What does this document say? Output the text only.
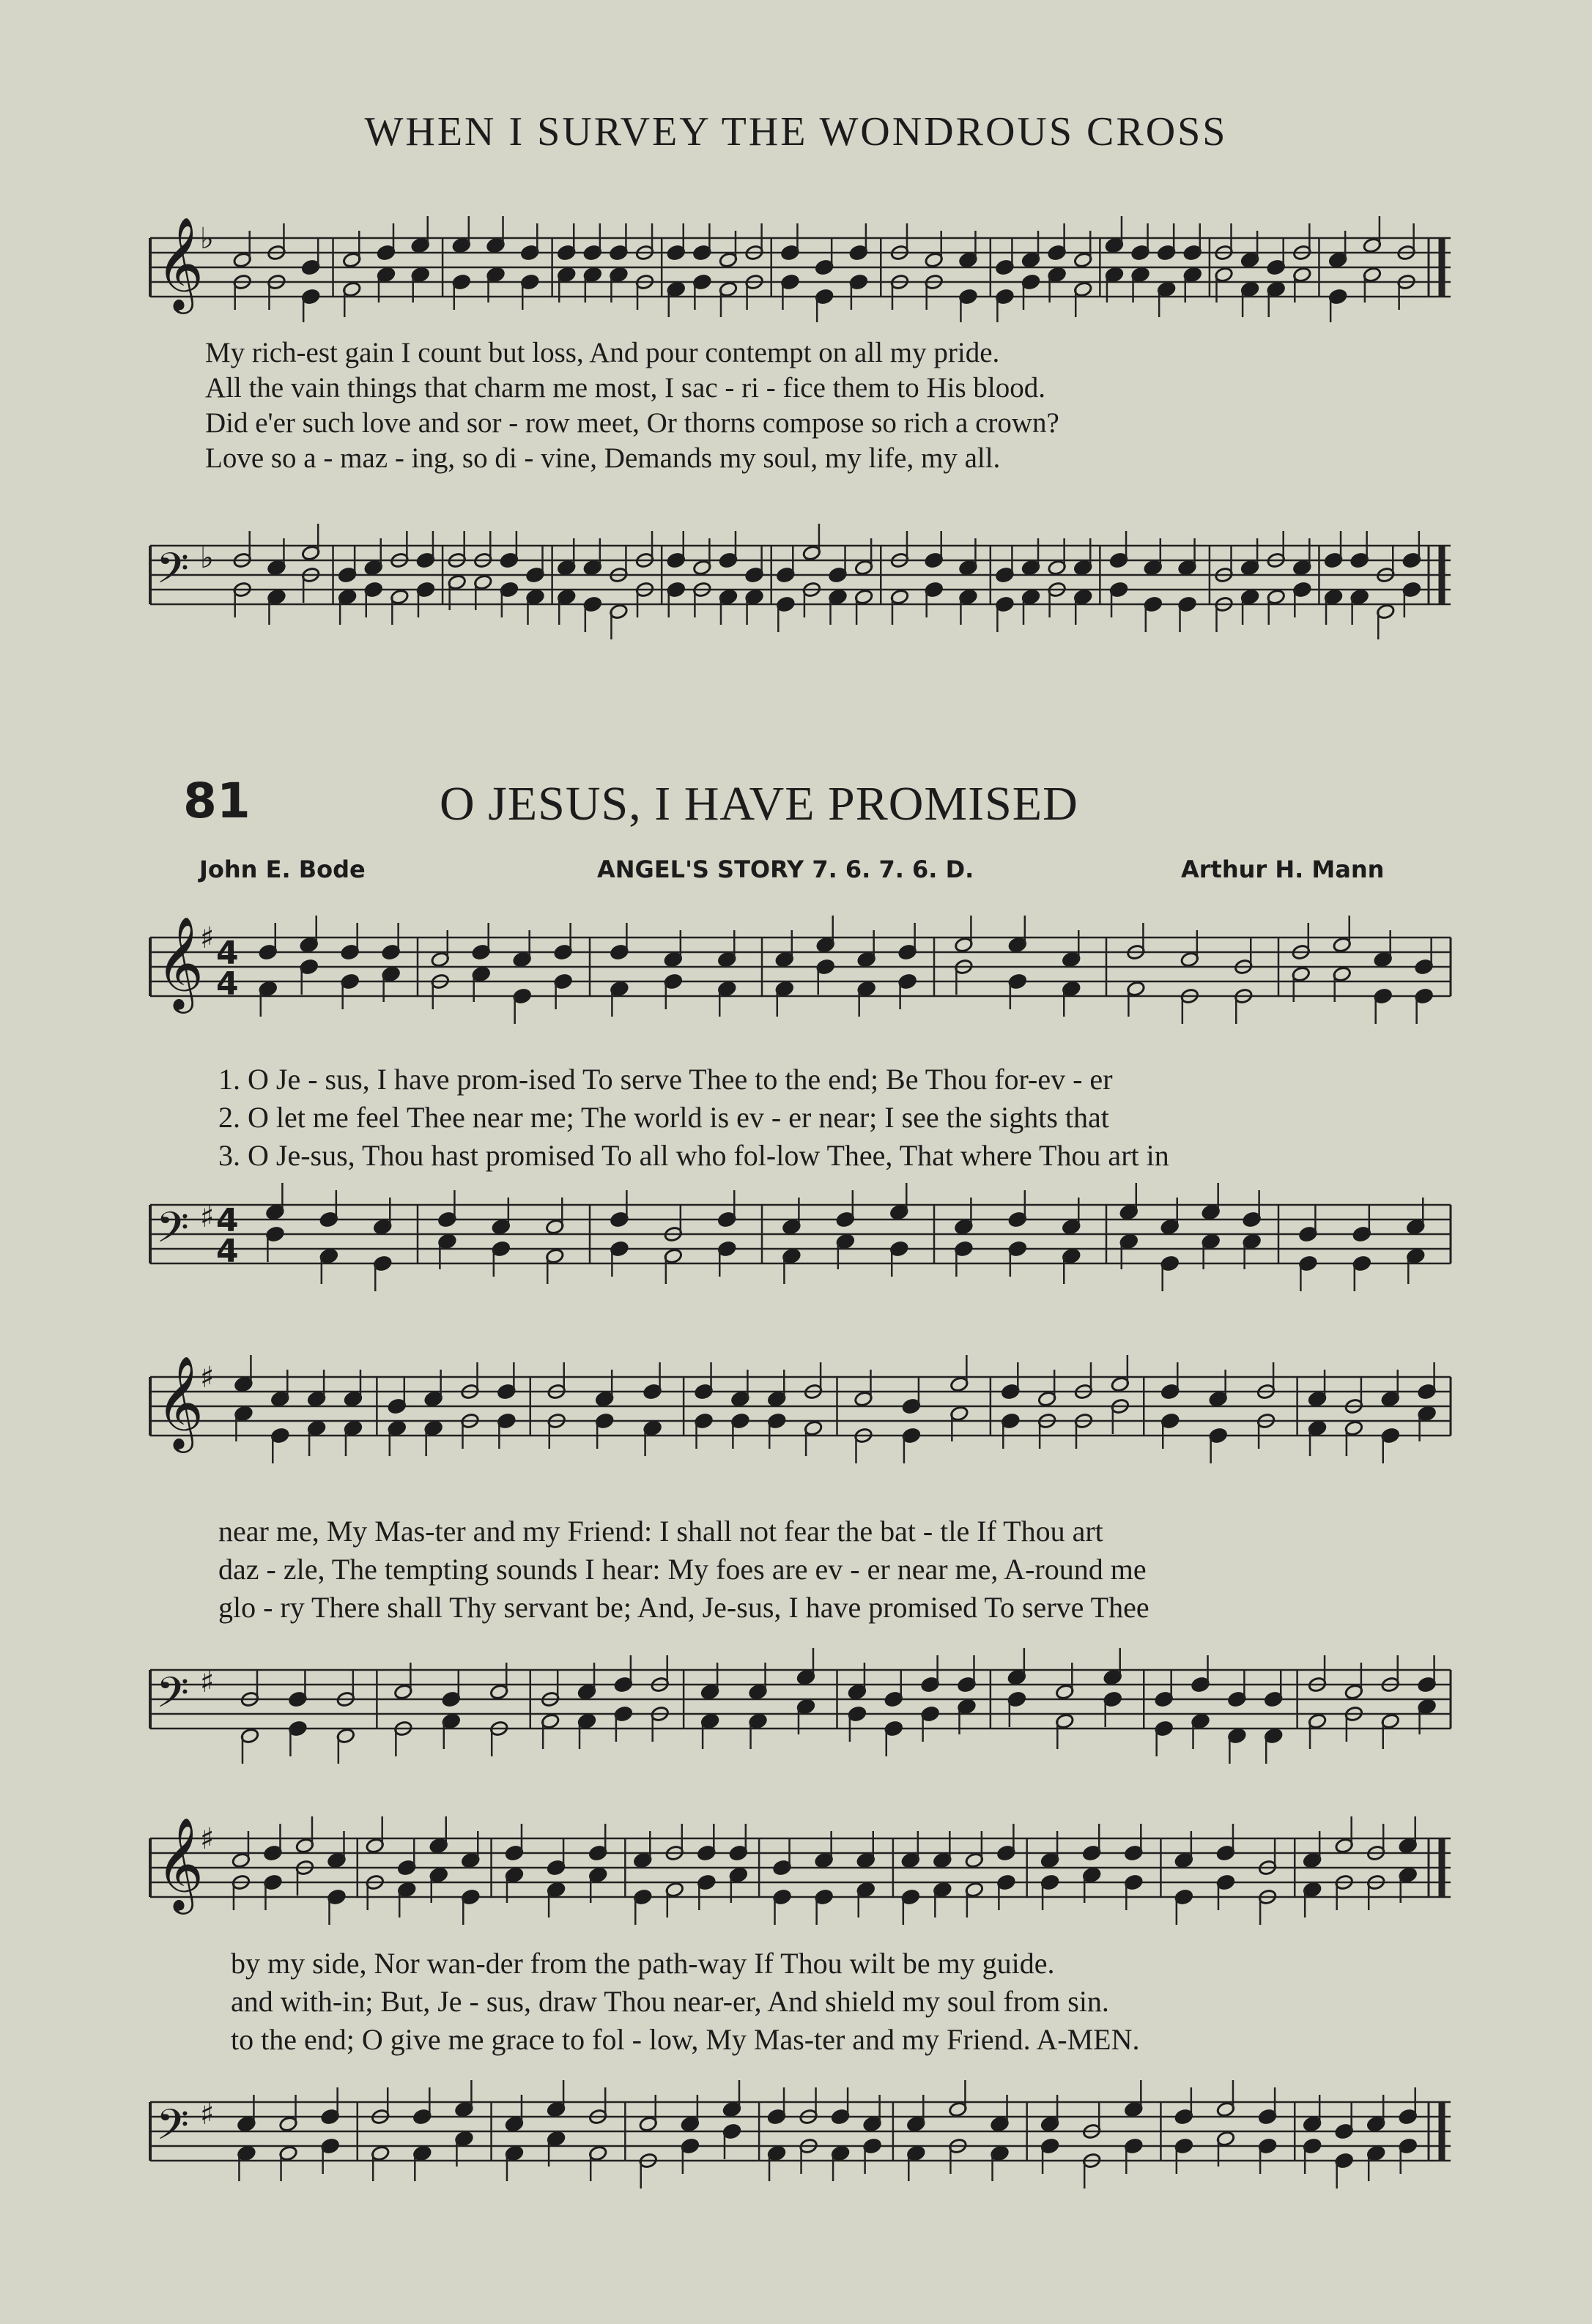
WHEN I SURVEY THE WONDROUS CROSS
𝄞
♭
My rich-est gain I count but loss, And pour contempt on all my pride.
All the vain things that charm me most, I sac - ri - fice them to His blood.
Did e'er such love and sor - row meet, Or thorns compose so rich a crown?
Love so a - maz - ing, so di - vine, Demands my soul, my life, my all.
𝄢 ♭
81	O JESUS, I HAVE PROMISED
John E. Bode	ANGEL'S STORY 7. 6. 7. 6. D.	Arthur H. Mann
𝄞
♯ 4
4
1. O Je - sus, I have prom-ised To serve Thee to the end; Be Thou for-ev - er
2. O let me feel Thee near me; The world is ev - er near; I see the sights that
3. O Je-sus, Thou hast promised To all who fol-low Thee, That where Thou art in
𝄢 ♯ 4
4
𝄞
♯
near me, My Mas-ter and my Friend: I shall not fear the bat - tle If Thou art
daz - zle, The tempting sounds I hear: My foes are ev - er near me, A-round me
glo - ry There shall Thy servant be; And, Je-sus, I have promised To serve Thee
𝄢 ♯
𝄞
♯
by my side, Nor wan-der from the path-way If Thou wilt be my guide.
and with-in; But, Je - sus, draw Thou near-er, And shield my soul from sin.
to the end; O give me grace to fol - low, My Mas-ter and my Friend. A-MEN.
𝄢 ♯
